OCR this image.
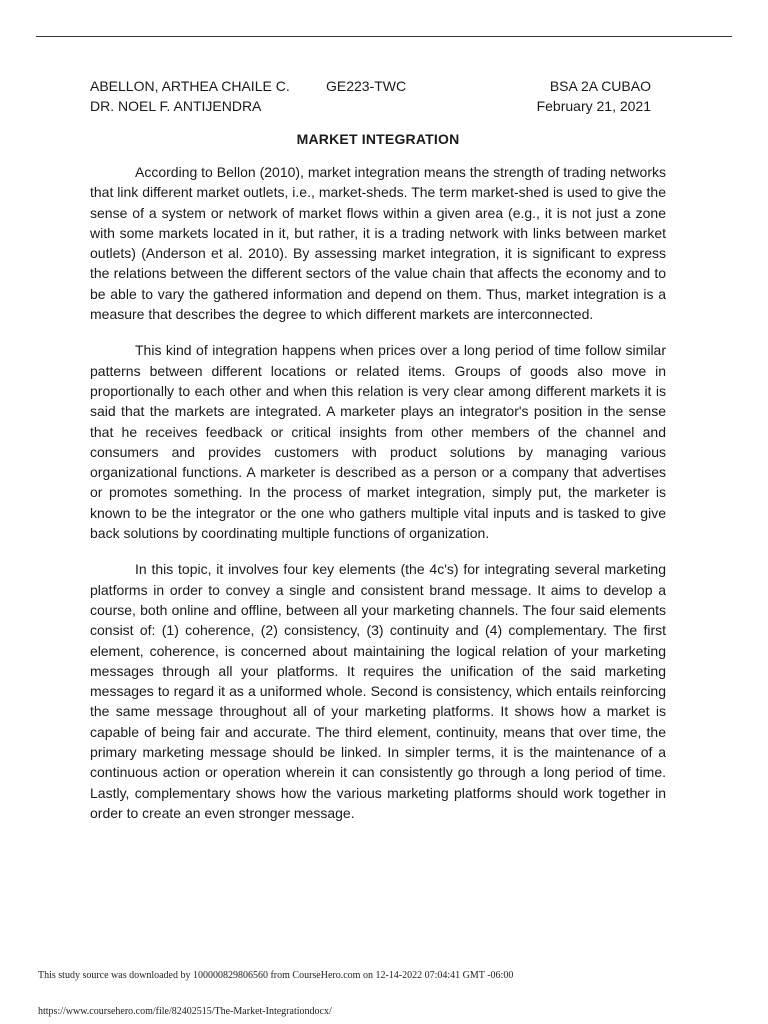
ABELLON, ARTHEA CHAILE C.	GE223-TWC	BSA 2A CUBAO
DR. NOEL F. ANTIJENDRA	February 21, 2021
MARKET INTEGRATION

According to Bellon (2010), market integration means the strength of trading networks that link different market outlets, i.e., market-sheds. The term market-shed is used to give the sense of a system or network of market flows within a given area (e.g., it is not just a zone with some markets located in it, but rather, it is a trading network with links between market outlets) (Anderson et al. 2010). By assessing market integration, it is significant to express the relations between the different sectors of the value chain that affects the economy and to be able to vary the gathered information and depend on them. Thus, market integration is a measure that describes the degree to which different markets are interconnected.

This kind of integration happens when prices over a long period of time follow similar patterns between different locations or related items. Groups of goods also move in proportionally to each other and when this relation is very clear among different markets it is said that the markets are integrated. A marketer plays an integrator's position in the sense that he receives feedback or critical insights from other members of the channel and consumers and provides customers with product solutions by managing various organizational functions. A marketer is described as a person or a company that advertises or promotes something. In the process of market integration, simply put, the marketer is known to be the integrator or the one who gathers multiple vital inputs and is tasked to give back solutions by coordinating multiple functions of organization.

In this topic, it involves four key elements (the 4c's) for integrating several marketing platforms in order to convey a single and consistent brand message. It aims to develop a course, both online and offline, between all your marketing channels. The four said elements consist of: (1) coherence, (2) consistency, (3) continuity and (4) complementary. The first element, coherence, is concerned about maintaining the logical relation of your marketing messages through all your platforms. It requires the unification of the said marketing messages to regard it as a uniformed whole. Second is consistency, which entails reinforcing the same message throughout all of your marketing platforms. It shows how a market is capable of being fair and accurate. The third element, continuity, means that over time, the primary marketing message should be linked. In simpler terms, it is the maintenance of a continuous action or operation wherein it can consistently go through a long period of time. Lastly, complementary shows how the various marketing platforms should work together in order to create an even stronger message.

This study source was downloaded by 100000829806560 from CourseHero.com on 12-14-2022 07:04:41 GMT -06:00
https://www.coursehero.com/file/82402515/The-Market-Integrationdocx/
